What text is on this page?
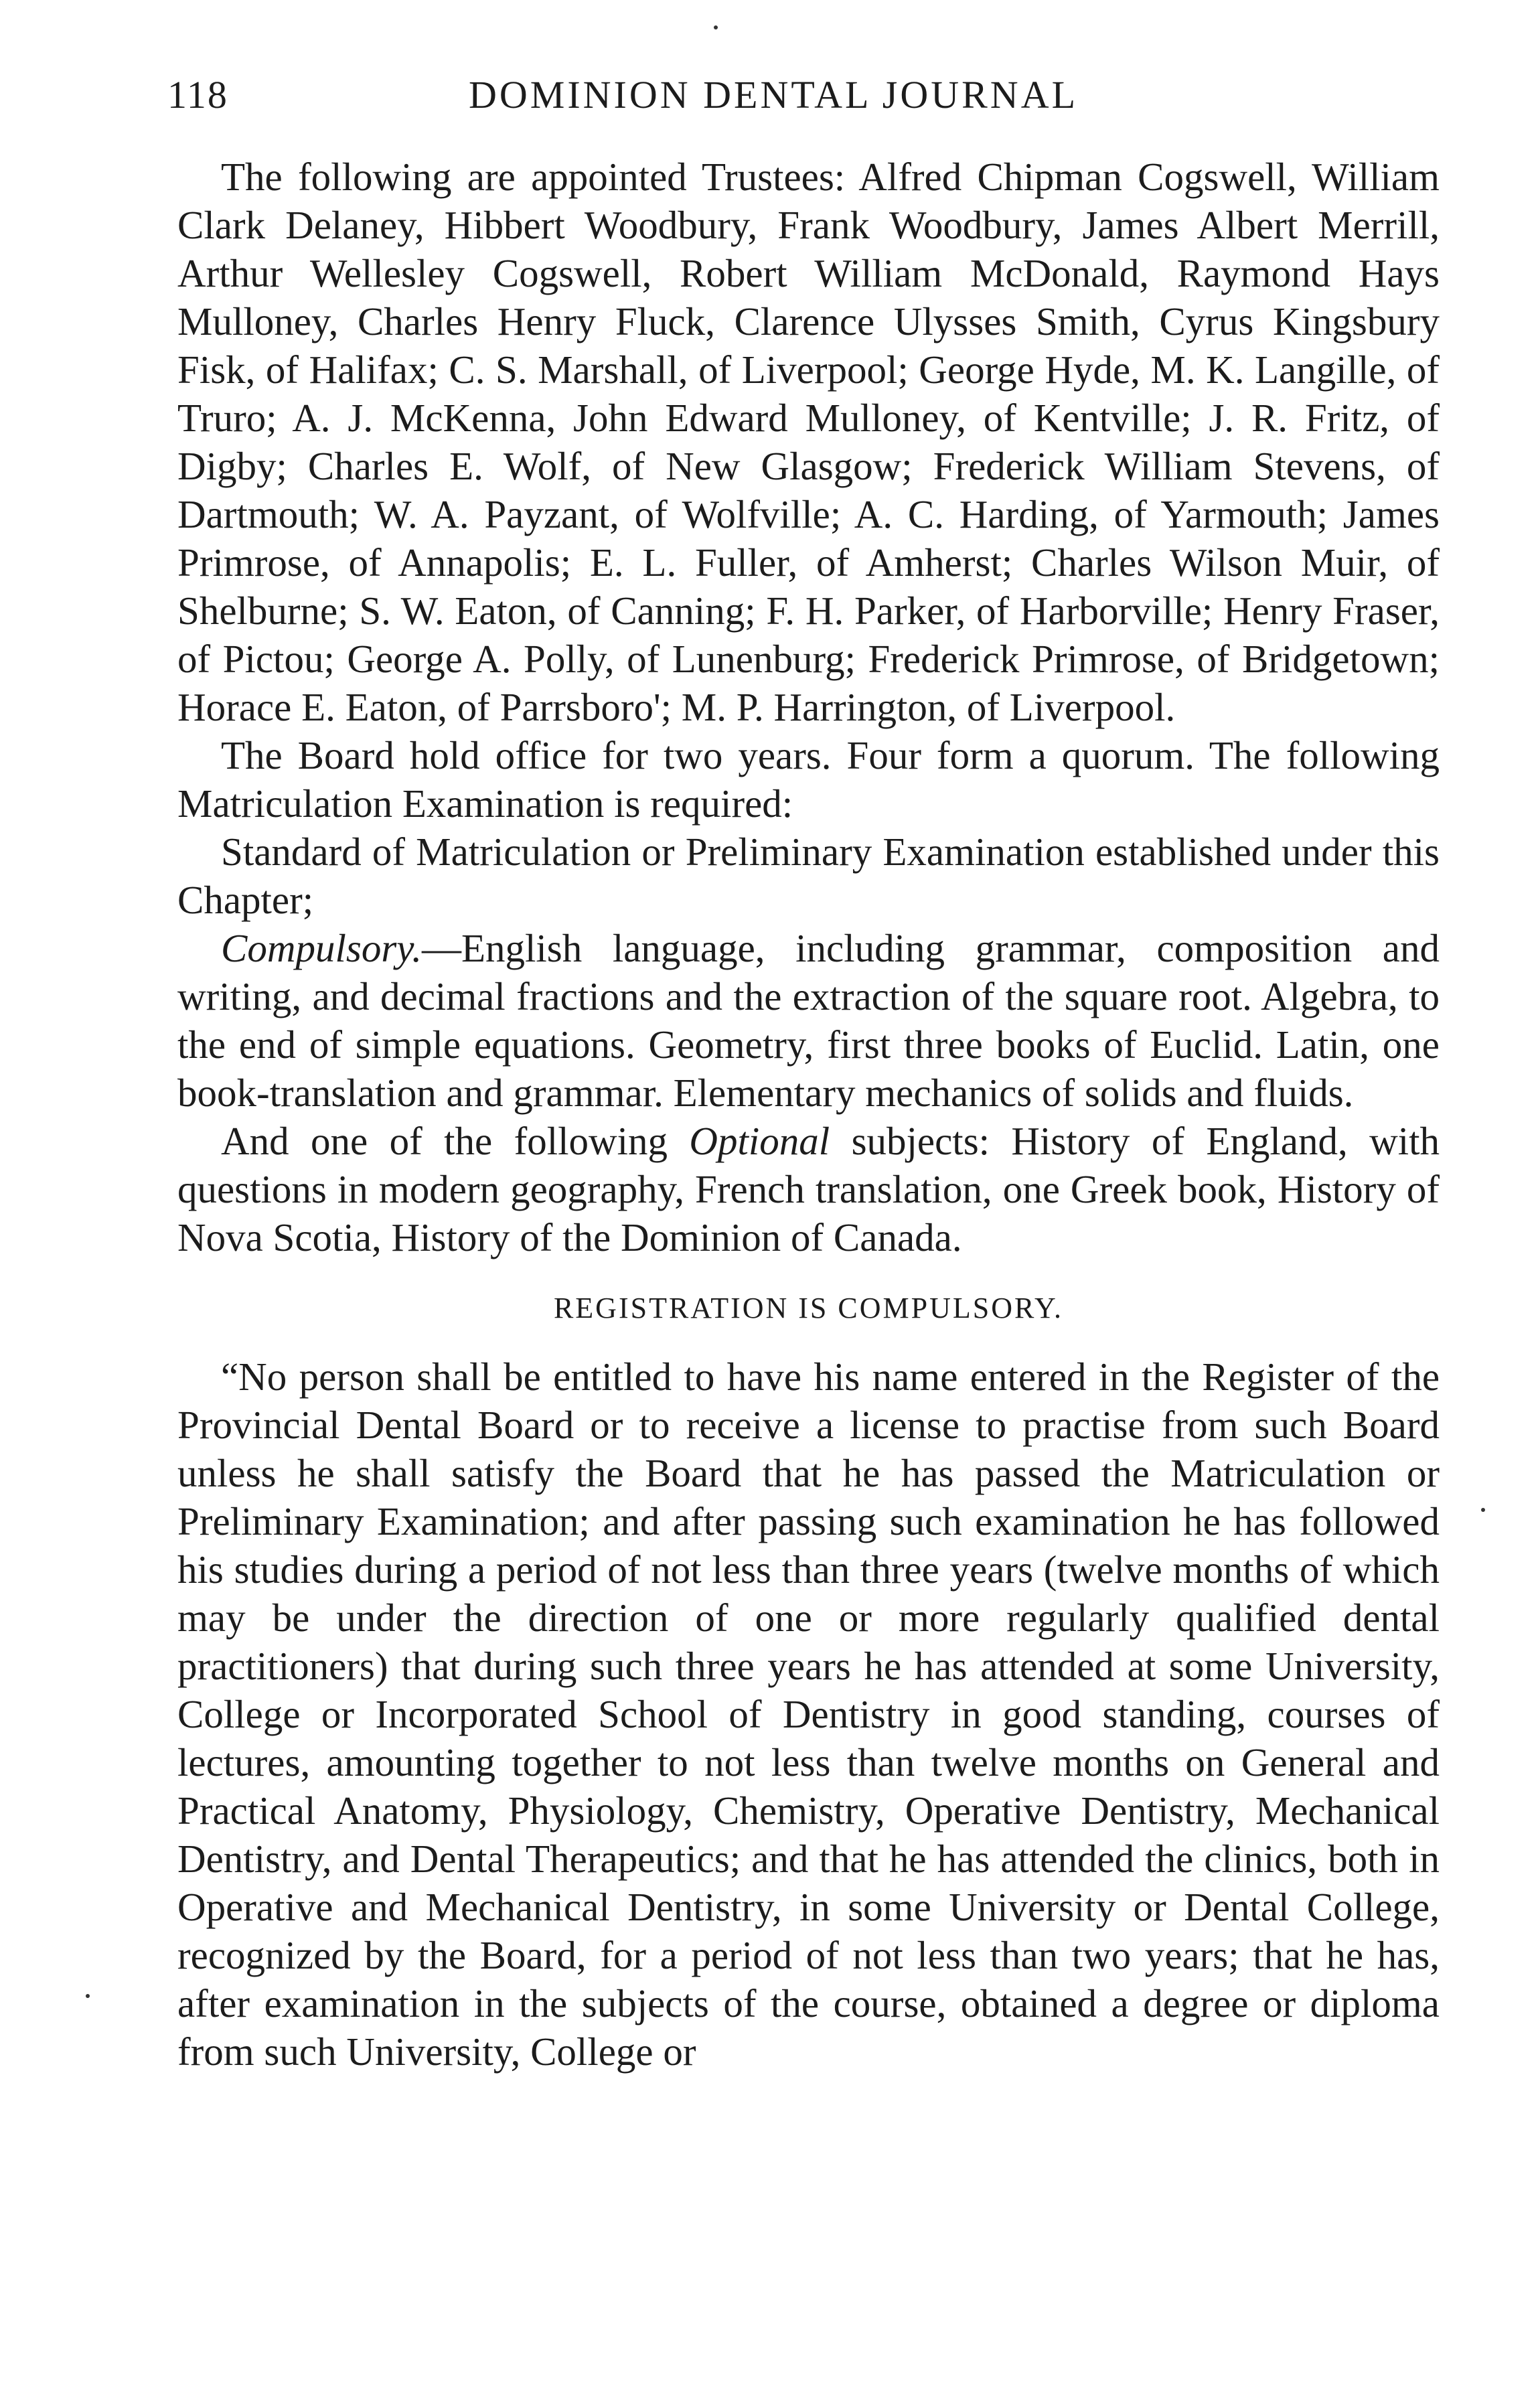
118	DOMINION DENTAL JOURNAL

The following are appointed Trustees: Alfred Chipman Cogswell, William Clark Delaney, Hibbert Woodbury, Frank Woodbury, James Albert Merrill, Arthur Wellesley Cogswell, Robert William McDonald, Raymond Hays Mulloney, Charles Henry Fluck, Clarence Ulysses Smith, Cyrus Kingsbury Fisk, of Halifax; C. S. Marshall, of Liverpool; George Hyde, M. K. Langille, of Truro; A. J. McKenna, John Edward Mulloney, of Kentville; J. R. Fritz, of Digby; Charles E. Wolf, of New Glasgow; Frederick William Stevens, of Dartmouth; W. A. Payzant, of Wolfville; A. C. Harding, of Yarmouth; James Primrose, of Annapolis; E. L. Fuller, of Amherst; Charles Wilson Muir, of Shelburne; S. W. Eaton, of Canning; F. H. Parker, of Harborville; Henry Fraser, of Pictou; George A. Polly, of Lunenburg; Frederick Primrose, of Bridgetown; Horace E. Eaton, of Parrsboro'; M. P. Harrington, of Liverpool.

The Board hold office for two years. Four form a quorum. The following Matriculation Examination is required:

Standard of Matriculation or Preliminary Examination established under this Chapter;

Compulsory.—English language, including grammar, composition and writing, and decimal fractions and the extraction of the square root. Algebra, to the end of simple equations. Geometry, first three books of Euclid. Latin, one book-translation and grammar. Elementary mechanics of solids and fluids.

And one of the following Optional subjects: History of England, with questions in modern geography, French translation, one Greek book, History of Nova Scotia, History of the Dominion of Canada.

REGISTRATION IS COMPULSORY.

“No person shall be entitled to have his name entered in the Register of the Provincial Dental Board or to receive a license to practise from such Board unless he shall satisfy the Board that he has passed the Matriculation or Preliminary Examination; and after passing such examination he has followed his studies during a period of not less than three years (twelve months of which may be under the direction of one or more regularly qualified dental practitioners) that during such three years he has attended at some University, College or Incorporated School of Dentistry in good standing, courses of lectures, amounting together to not less than twelve months on General and Practical Anatomy, Physiology, Chemistry, Operative Dentistry, Mechanical Dentistry, and Dental Therapeutics; and that he has attended the clinics, both in Operative and Mechanical Dentistry, in some University or Dental College, recognized by the Board, for a period of not less than two years; that he has, after examination in the subjects of the course, obtained a degree or diploma from such University, College or
